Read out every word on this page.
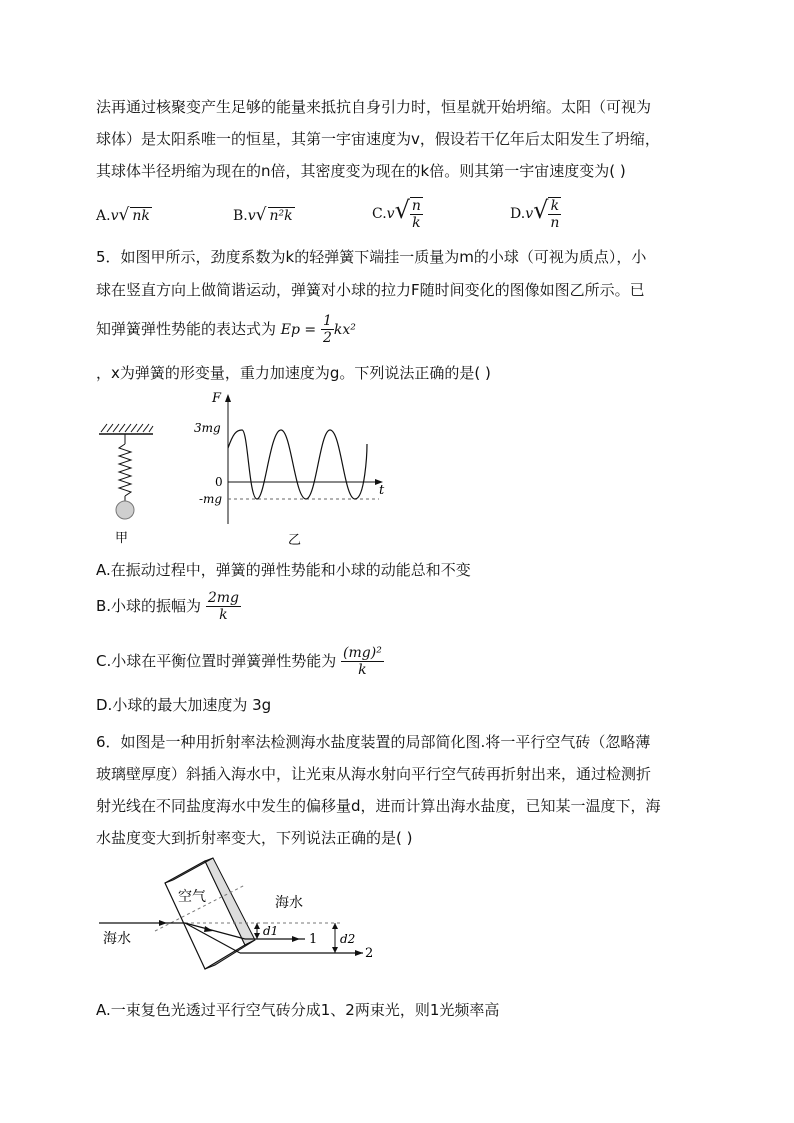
法再通过核聚变产生足够的能量来抵抗自身引力时，恒星就开始坍缩。太阳（可视为
球体）是太阳系唯一的恒星，其第一宇宙速度为v，假设若干亿年后太阳发生了坍缩，
其球体半径坍缩为现在的n倍，其密度变为现在的k倍。则其第一宇宙速度变为( )
A.v√ nk	B.v√ n²k	$C.v√ \frac{n}{k}$	$D.v√ \frac{k}{n}$
5．如图甲所示，劲度系数为k的轻弹簧下端挂一质量为m的小球（可视为质点），小
球在竖直方向上做简谐运动，弹簧对小球的拉力F随时间变化的图像如图乙所示。已
知弹簧弹性势能的表达式为 $Ep = \frac{1}{2} kx^2$
，x为弹簧的形变量，重力加速度为g。下列说法正确的是( )
甲
F
t
3mg
0
-mg
乙
A.在振动过程中，弹簧的弹性势能和小球的动能总和不变
B.小球的振幅为 $\frac{2mg}{k}$
C.小球在平衡位置时弹簧弹性势能为 $\frac{\text{(mg)²}}{k}$
D.小球的最大加速度为 3g
6．如图是一种用折射率法检测海水盐度装置的局部简化图.将一平行空气砖（忽略薄
玻璃壁厚度）斜插入海水中，让光束从海水射向平行空气砖再折射出来，通过检测折
射光线在不同盐度海水中发生的偏移量d，进而计算出海水盐度，已知某一温度下，海
水盐度变大到折射率变大，下列说法正确的是( )
空气	海水
海水	d1
d2
1
2
A.一束复色光透过平行空气砖分成1、2两束光，则1光频率高
